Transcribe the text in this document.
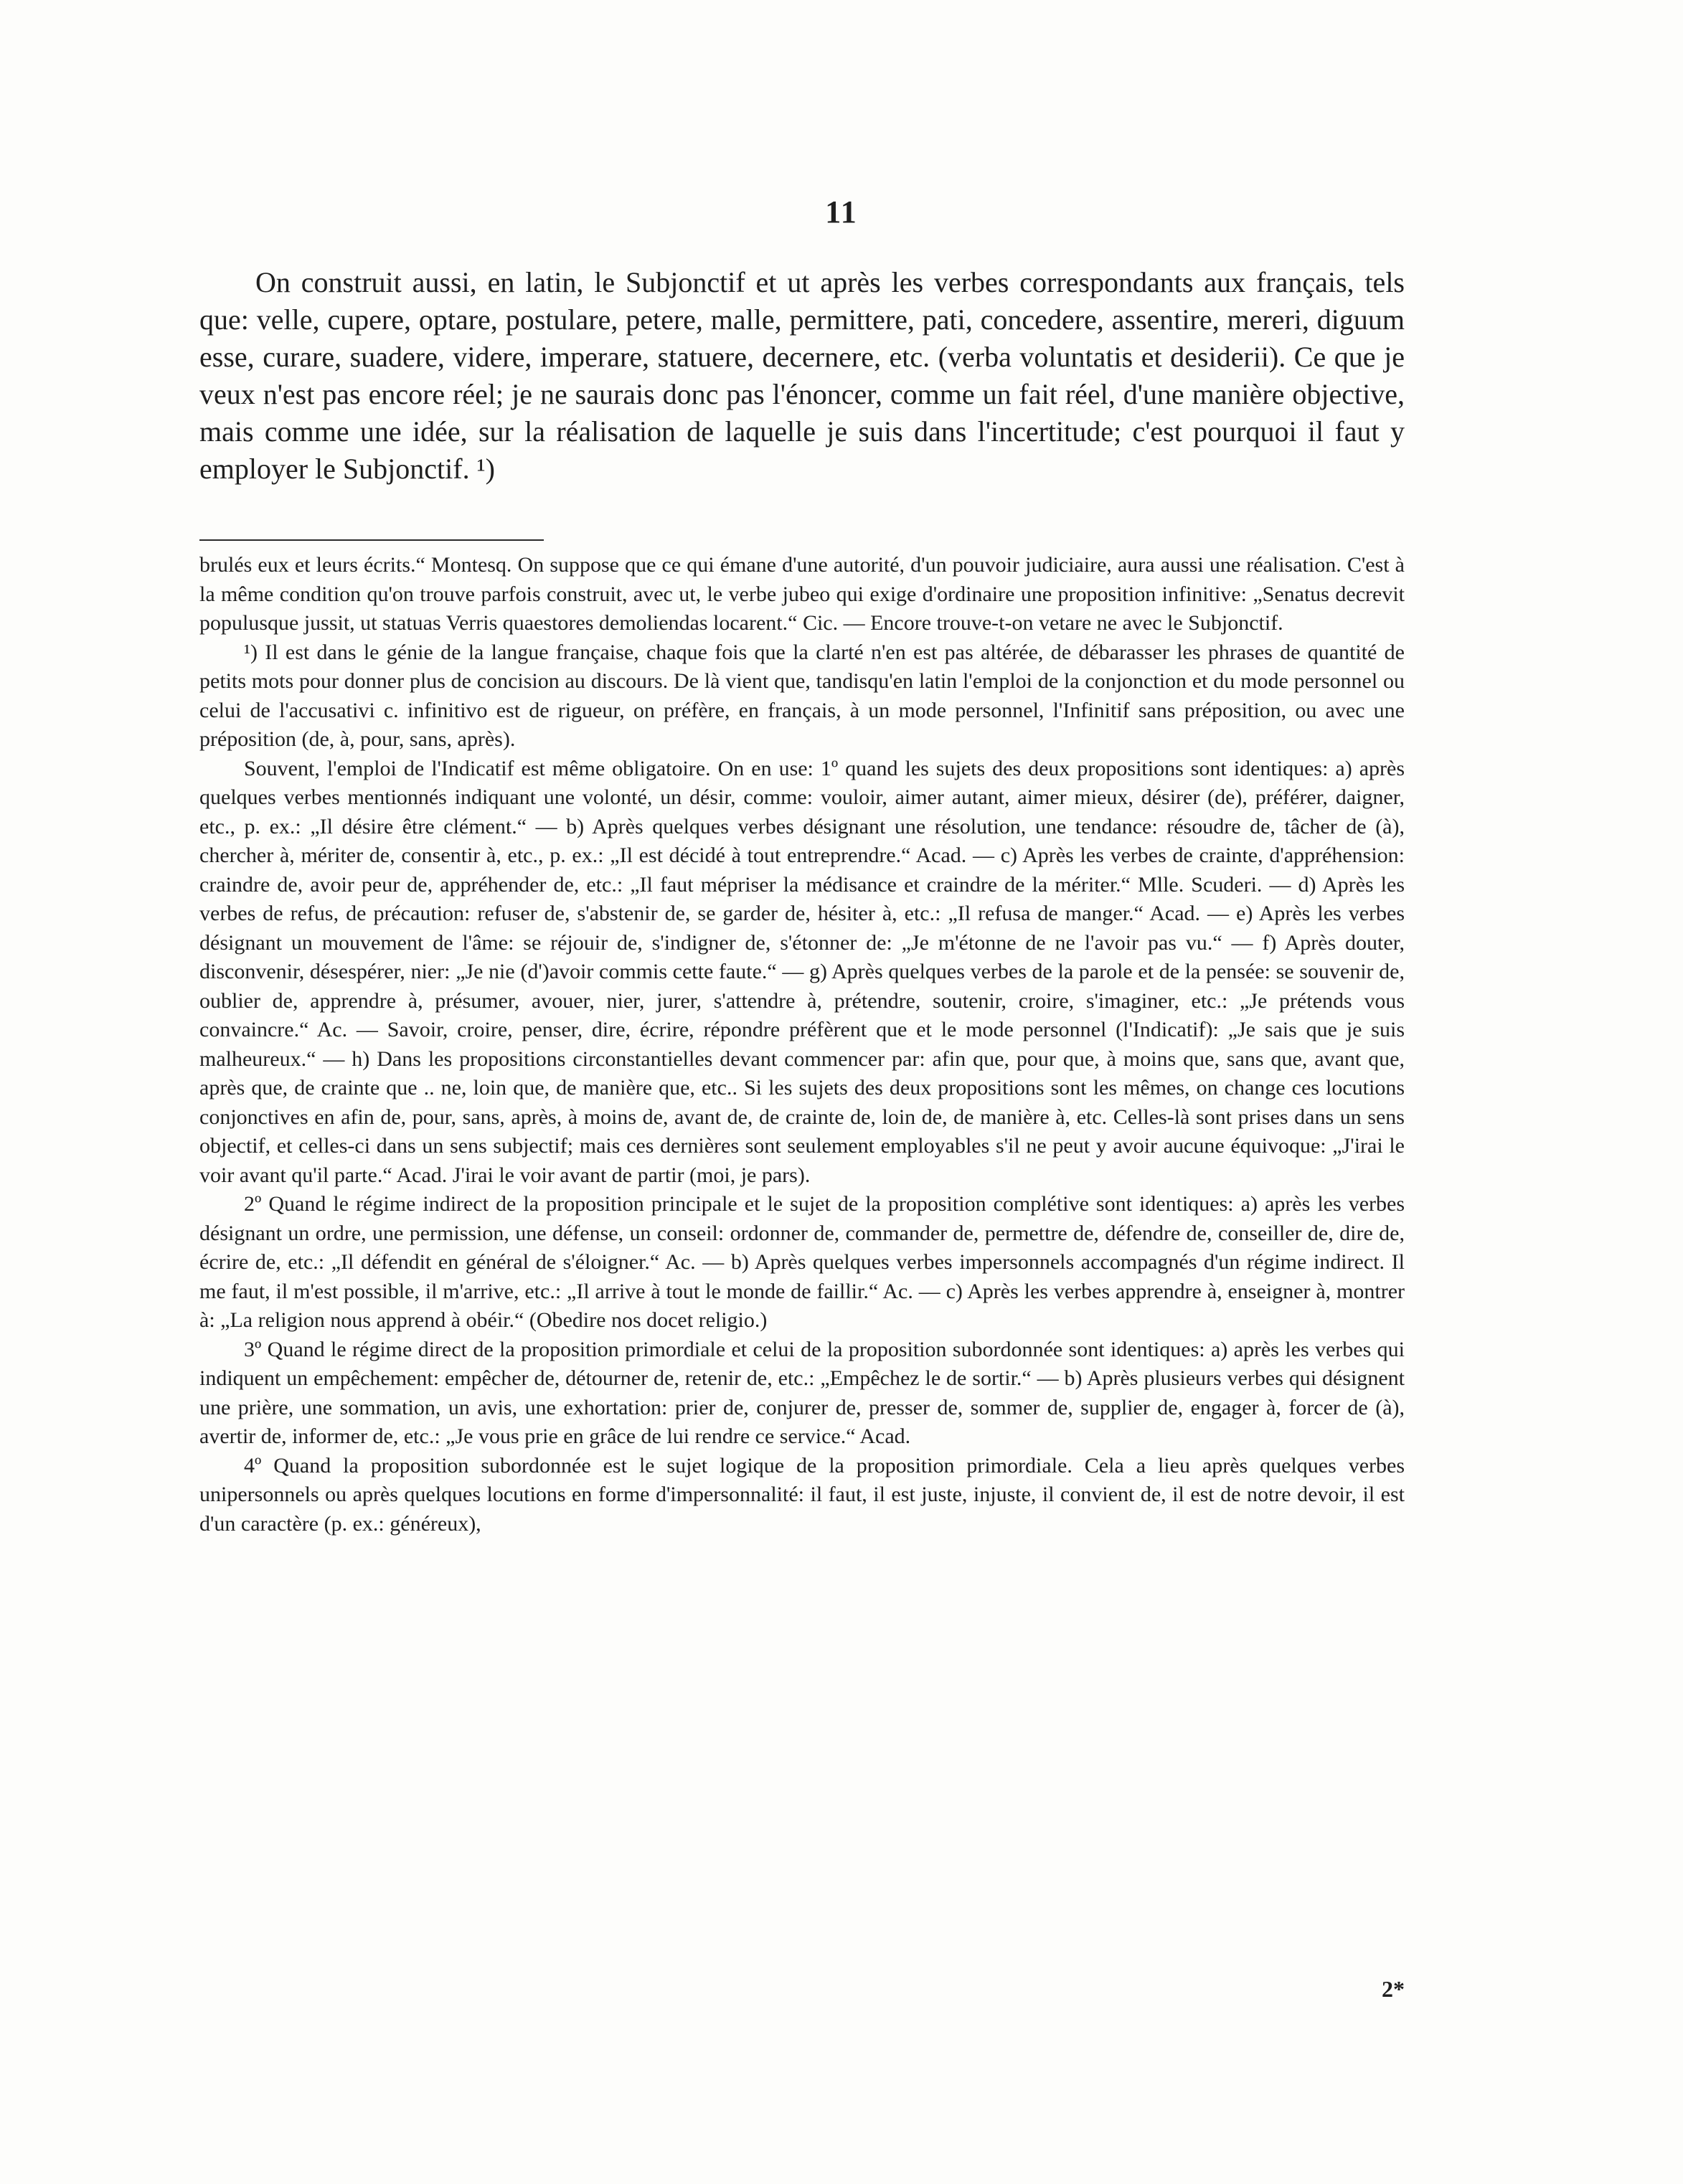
11

On construit aussi, en latin, le Subjonctif et ut après les verbes correspondants aux français, tels que: velle, cupere, optare, postulare, petere, malle, permittere, pati, concedere, assentire, mereri, diguum esse, curare, suadere, videre, imperare, statuere, decernere, etc. (verba voluntatis et desiderii). Ce que je veux n'est pas encore réel; je ne saurais donc pas l'énoncer, comme un fait réel, d'une manière objective, mais comme une idée, sur la réalisation de laquelle je suis dans l'incertitude; c'est pourquoi il faut y employer le Subjonctif. ¹)

brulés eux et leurs écrits.“ Montesq. On suppose que ce qui émane d'une autorité, d'un pouvoir judiciaire, aura aussi une réalisation. C'est à la même condition qu'on trouve parfois construit, avec ut, le verbe jubeo qui exige d'ordinaire une proposition infinitive: „Senatus decrevit populusque jussit, ut statuas Verris quaestores demoliendas locarent.“ Cic. — Encore trouve-t-on vetare ne avec le Subjonctif.

¹) Il est dans le génie de la langue française, chaque fois que la clarté n'en est pas altérée, de débarasser les phrases de quantité de petits mots pour donner plus de concision au discours. De là vient que, tandisqu'en latin l'emploi de la conjonction et du mode personnel ou celui de l'accusativi c. infinitivo est de rigueur, on préfère, en français, à un mode personnel, l'Infinitif sans préposition, ou avec une préposition (de, à, pour, sans, après).

Souvent, l'emploi de l'Indicatif est même obligatoire. On en use: 1º quand les sujets des deux propositions sont identiques: a) après quelques verbes mentionnés indiquant une volonté, un désir, comme: vouloir, aimer autant, aimer mieux, désirer (de), préférer, daigner, etc., p. ex.: „Il désire être clément.“ — b) Après quelques verbes désignant une résolution, une tendance: résoudre de, tâcher de (à), chercher à, mériter de, consentir à, etc., p. ex.: „Il est décidé à tout entreprendre.“ Acad. — c) Après les verbes de crainte, d'appréhension: craindre de, avoir peur de, appréhender de, etc.: „Il faut mépriser la médisance et craindre de la mériter.“ Mlle. Scuderi. — d) Après les verbes de refus, de précaution: refuser de, s'abstenir de, se garder de, hésiter à, etc.: „Il refusa de manger.“ Acad. — e) Après les verbes désignant un mouvement de l'âme: se réjouir de, s'indigner de, s'étonner de: „Je m'étonne de ne l'avoir pas vu.“ — f) Après douter, disconvenir, désespérer, nier: „Je nie (d')avoir commis cette faute.“ — g) Après quelques verbes de la parole et de la pensée: se souvenir de, oublier de, apprendre à, présumer, avouer, nier, jurer, s'attendre à, prétendre, soutenir, croire, s'imaginer, etc.: „Je prétends vous convaincre.“ Ac. — Savoir, croire, penser, dire, écrire, répondre préfèrent que et le mode personnel (l'Indicatif): „Je sais que je suis malheureux.“ — h) Dans les propositions circonstantielles devant commencer par: afin que, pour que, à moins que, sans que, avant que, après que, de crainte que .. ne, loin que, de manière que, etc.. Si les sujets des deux propositions sont les mêmes, on change ces locutions conjonctives en afin de, pour, sans, après, à moins de, avant de, de crainte de, loin de, de manière à, etc. Celles-là sont prises dans un sens objectif, et celles-ci dans un sens subjectif; mais ces dernières sont seulement employables s'il ne peut y avoir aucune équivoque: „J'irai le voir avant qu'il parte.“ Acad. J'irai le voir avant de partir (moi, je pars).

2º Quand le régime indirect de la proposition principale et le sujet de la proposition complétive sont identiques: a) après les verbes désignant un ordre, une permission, une défense, un conseil: ordonner de, commander de, permettre de, défendre de, conseiller de, dire de, écrire de, etc.: „Il défendit en général de s'éloigner.“ Ac. — b) Après quelques verbes impersonnels accompagnés d'un régime indirect. Il me faut, il m'est possible, il m'arrive, etc.: „Il arrive à tout le monde de faillir.“ Ac. — c) Après les verbes apprendre à, enseigner à, montrer à: „La religion nous apprend à obéir.“ (Obedire nos docet religio.)

3º Quand le régime direct de la proposition primordiale et celui de la proposition subordonnée sont identiques: a) après les verbes qui indiquent un empêchement: empêcher de, détourner de, retenir de, etc.: „Empêchez le de sortir.“ — b) Après plusieurs verbes qui désignent une prière, une sommation, un avis, une exhortation: prier de, conjurer de, presser de, sommer de, supplier de, engager à, forcer de (à), avertir de, informer de, etc.: „Je vous prie en grâce de lui rendre ce service.“ Acad.

4º Quand la proposition subordonnée est le sujet logique de la proposition primordiale. Cela a lieu après quelques verbes unipersonnels ou après quelques locutions en forme d'impersonnalité: il faut, il est juste, injuste, il convient de, il est de notre devoir, il est d'un caractère (p. ex.: généreux),

2*
